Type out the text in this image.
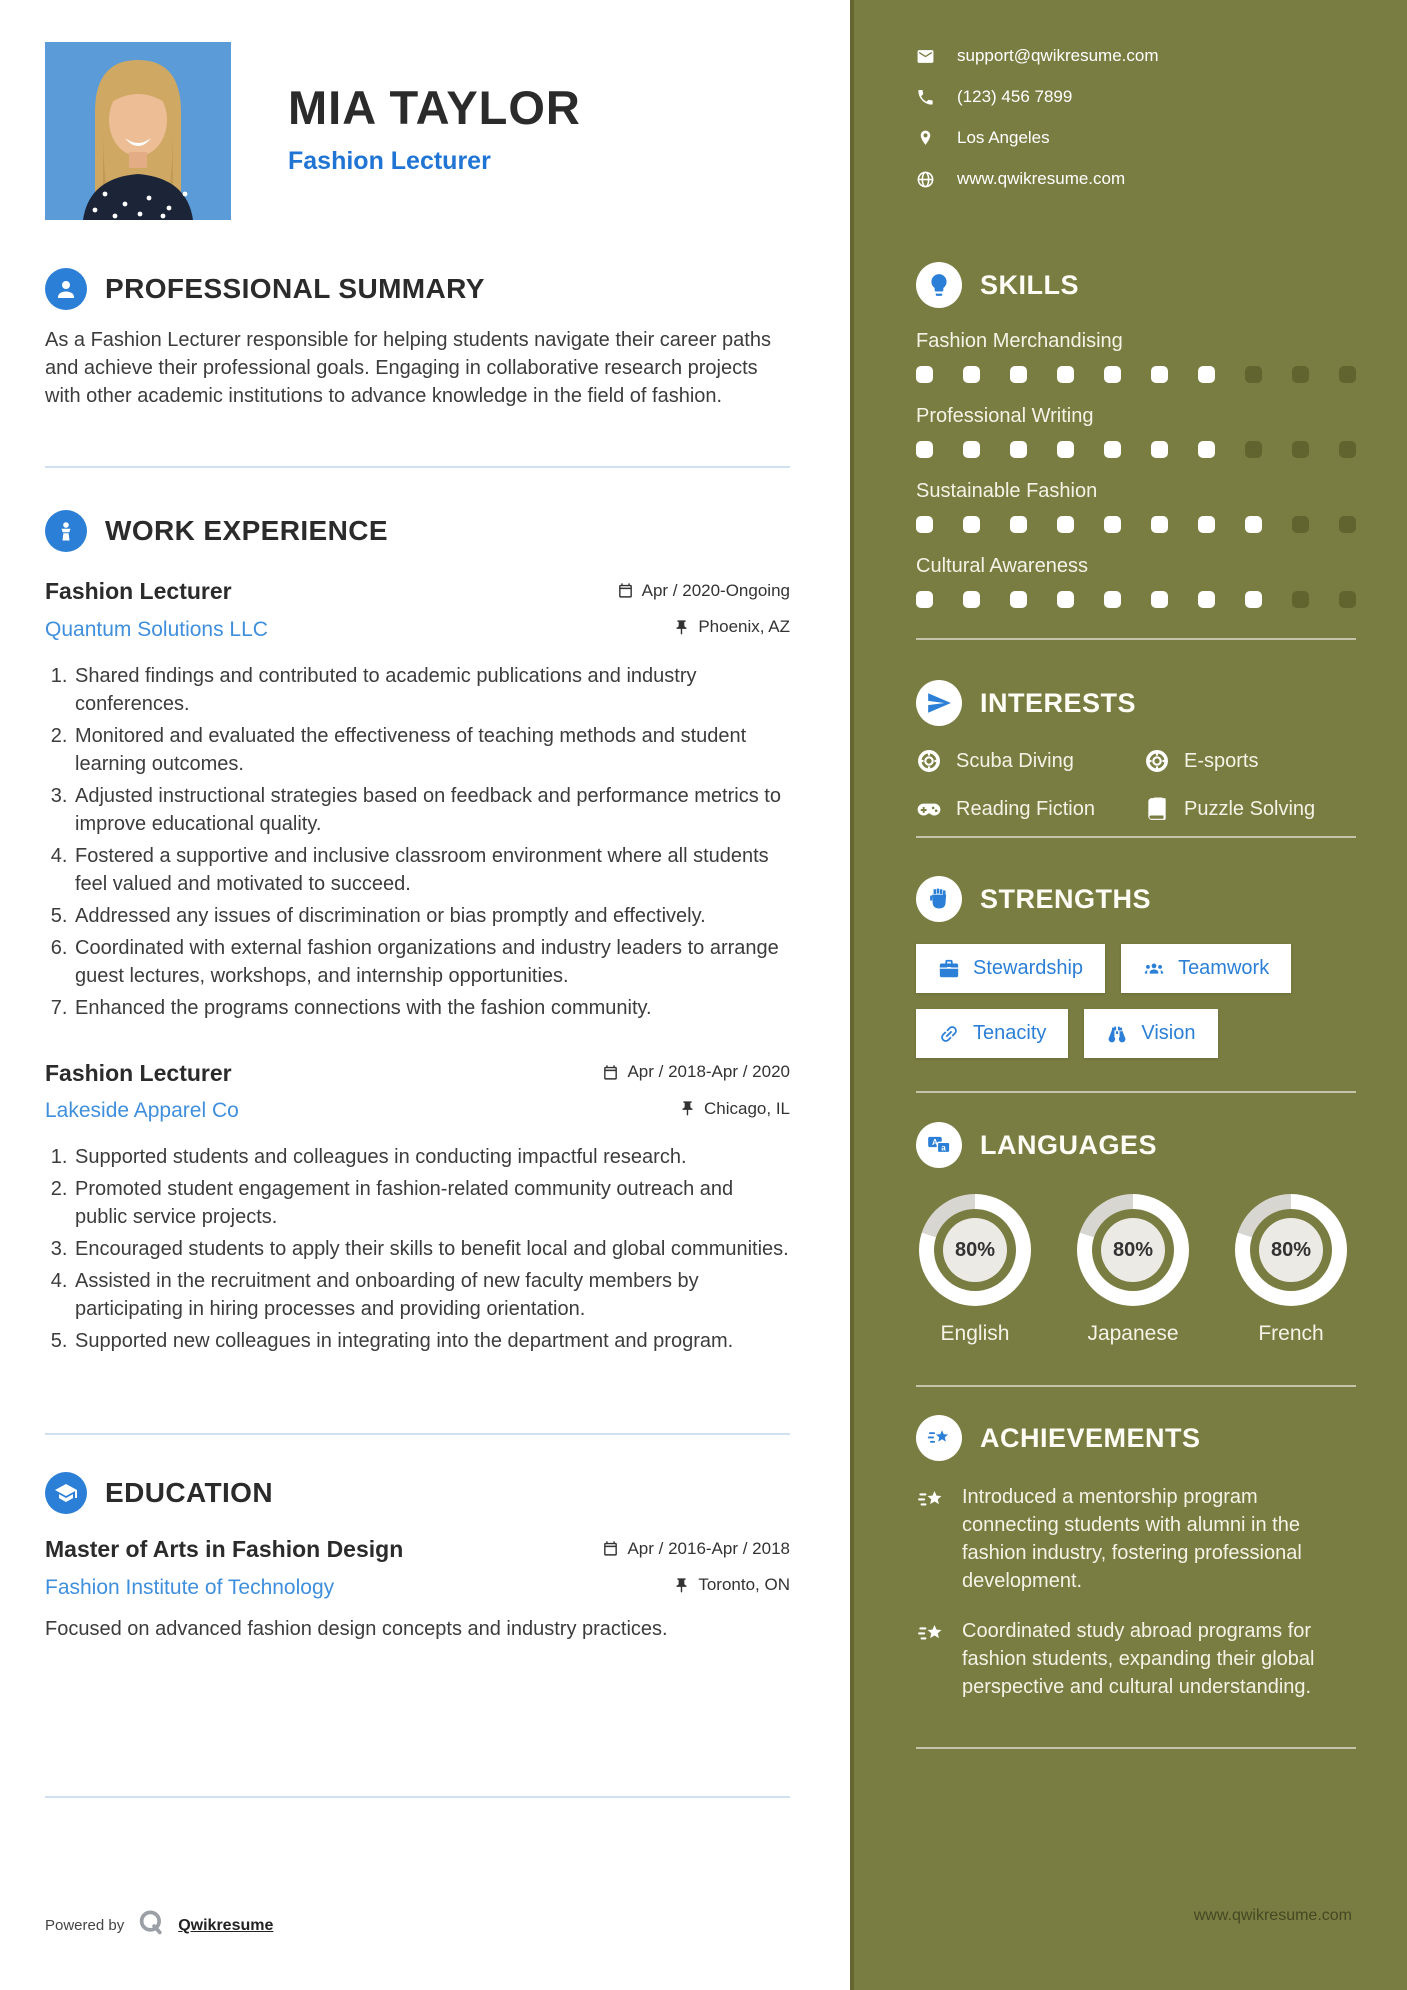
MIA TAYLOR
Fashion Lecturer
PROFESSIONAL SUMMARY

As a Fashion Lecturer responsible for helping students navigate their career paths and achieve their professional goals. Engaging in collaborative research projects with other academic institutions to advance knowledge in the field of fashion.

WORK EXPERIENCE
Fashion Lecturer	Apr / 2020-Ongoing
Quantum Solutions LLC	Phoenix, AZ
1. Shared findings and contributed to academic publications and industry conferences.
2. Monitored and evaluated the effectiveness of teaching methods and student learning outcomes.
3. Adjusted instructional strategies based on feedback and performance metrics to improve educational quality.
4. Fostered a supportive and inclusive classroom environment where all students feel valued and motivated to succeed.
5. Addressed any issues of discrimination or bias promptly and effectively.
6. Coordinated with external fashion organizations and industry leaders to arrange guest lectures, workshops, and internship opportunities.
7. Enhanced the programs connections with the fashion community.
Fashion Lecturer	Apr / 2018-Apr / 2020
Lakeside Apparel Co	Chicago, IL
1. Supported students and colleagues in conducting impactful research.
2. Promoted student engagement in fashion-related community outreach and public service projects.
3. Encouraged students to apply their skills to benefit local and global communities.
4. Assisted in the recruitment and onboarding of new faculty members by participating in hiring processes and providing orientation.
5. Supported new colleagues in integrating into the department and program.
EDUCATION
Master of Arts in Fashion Design	Apr / 2016-Apr / 2018
Fashion Institute of Technology	Toronto, ON
Focused on advanced fashion design concepts and industry practices.
Powered by	Qwikresume
support@qwikresume.com
(123) 456 7899
Los Angeles
www.qwikresume.com
SKILLS
Fashion Merchandising
Professional Writing
Sustainable Fashion
Cultural Awareness
INTERESTS
Scuba Diving	E-sports
Reading Fiction	Puzzle Solving
STRENGTHS
Stewardship	Teamwork
Tenacity	Vision
A
a LANGUAGES
80%
English
80%
Japanese
80%
French
ACHIEVEMENTS
Introduced a mentorship program connecting students with alumni in the fashion industry, fostering professional development.
Coordinated study abroad programs for fashion students, expanding their global perspective and cultural understanding.
www.qwikresume.com
